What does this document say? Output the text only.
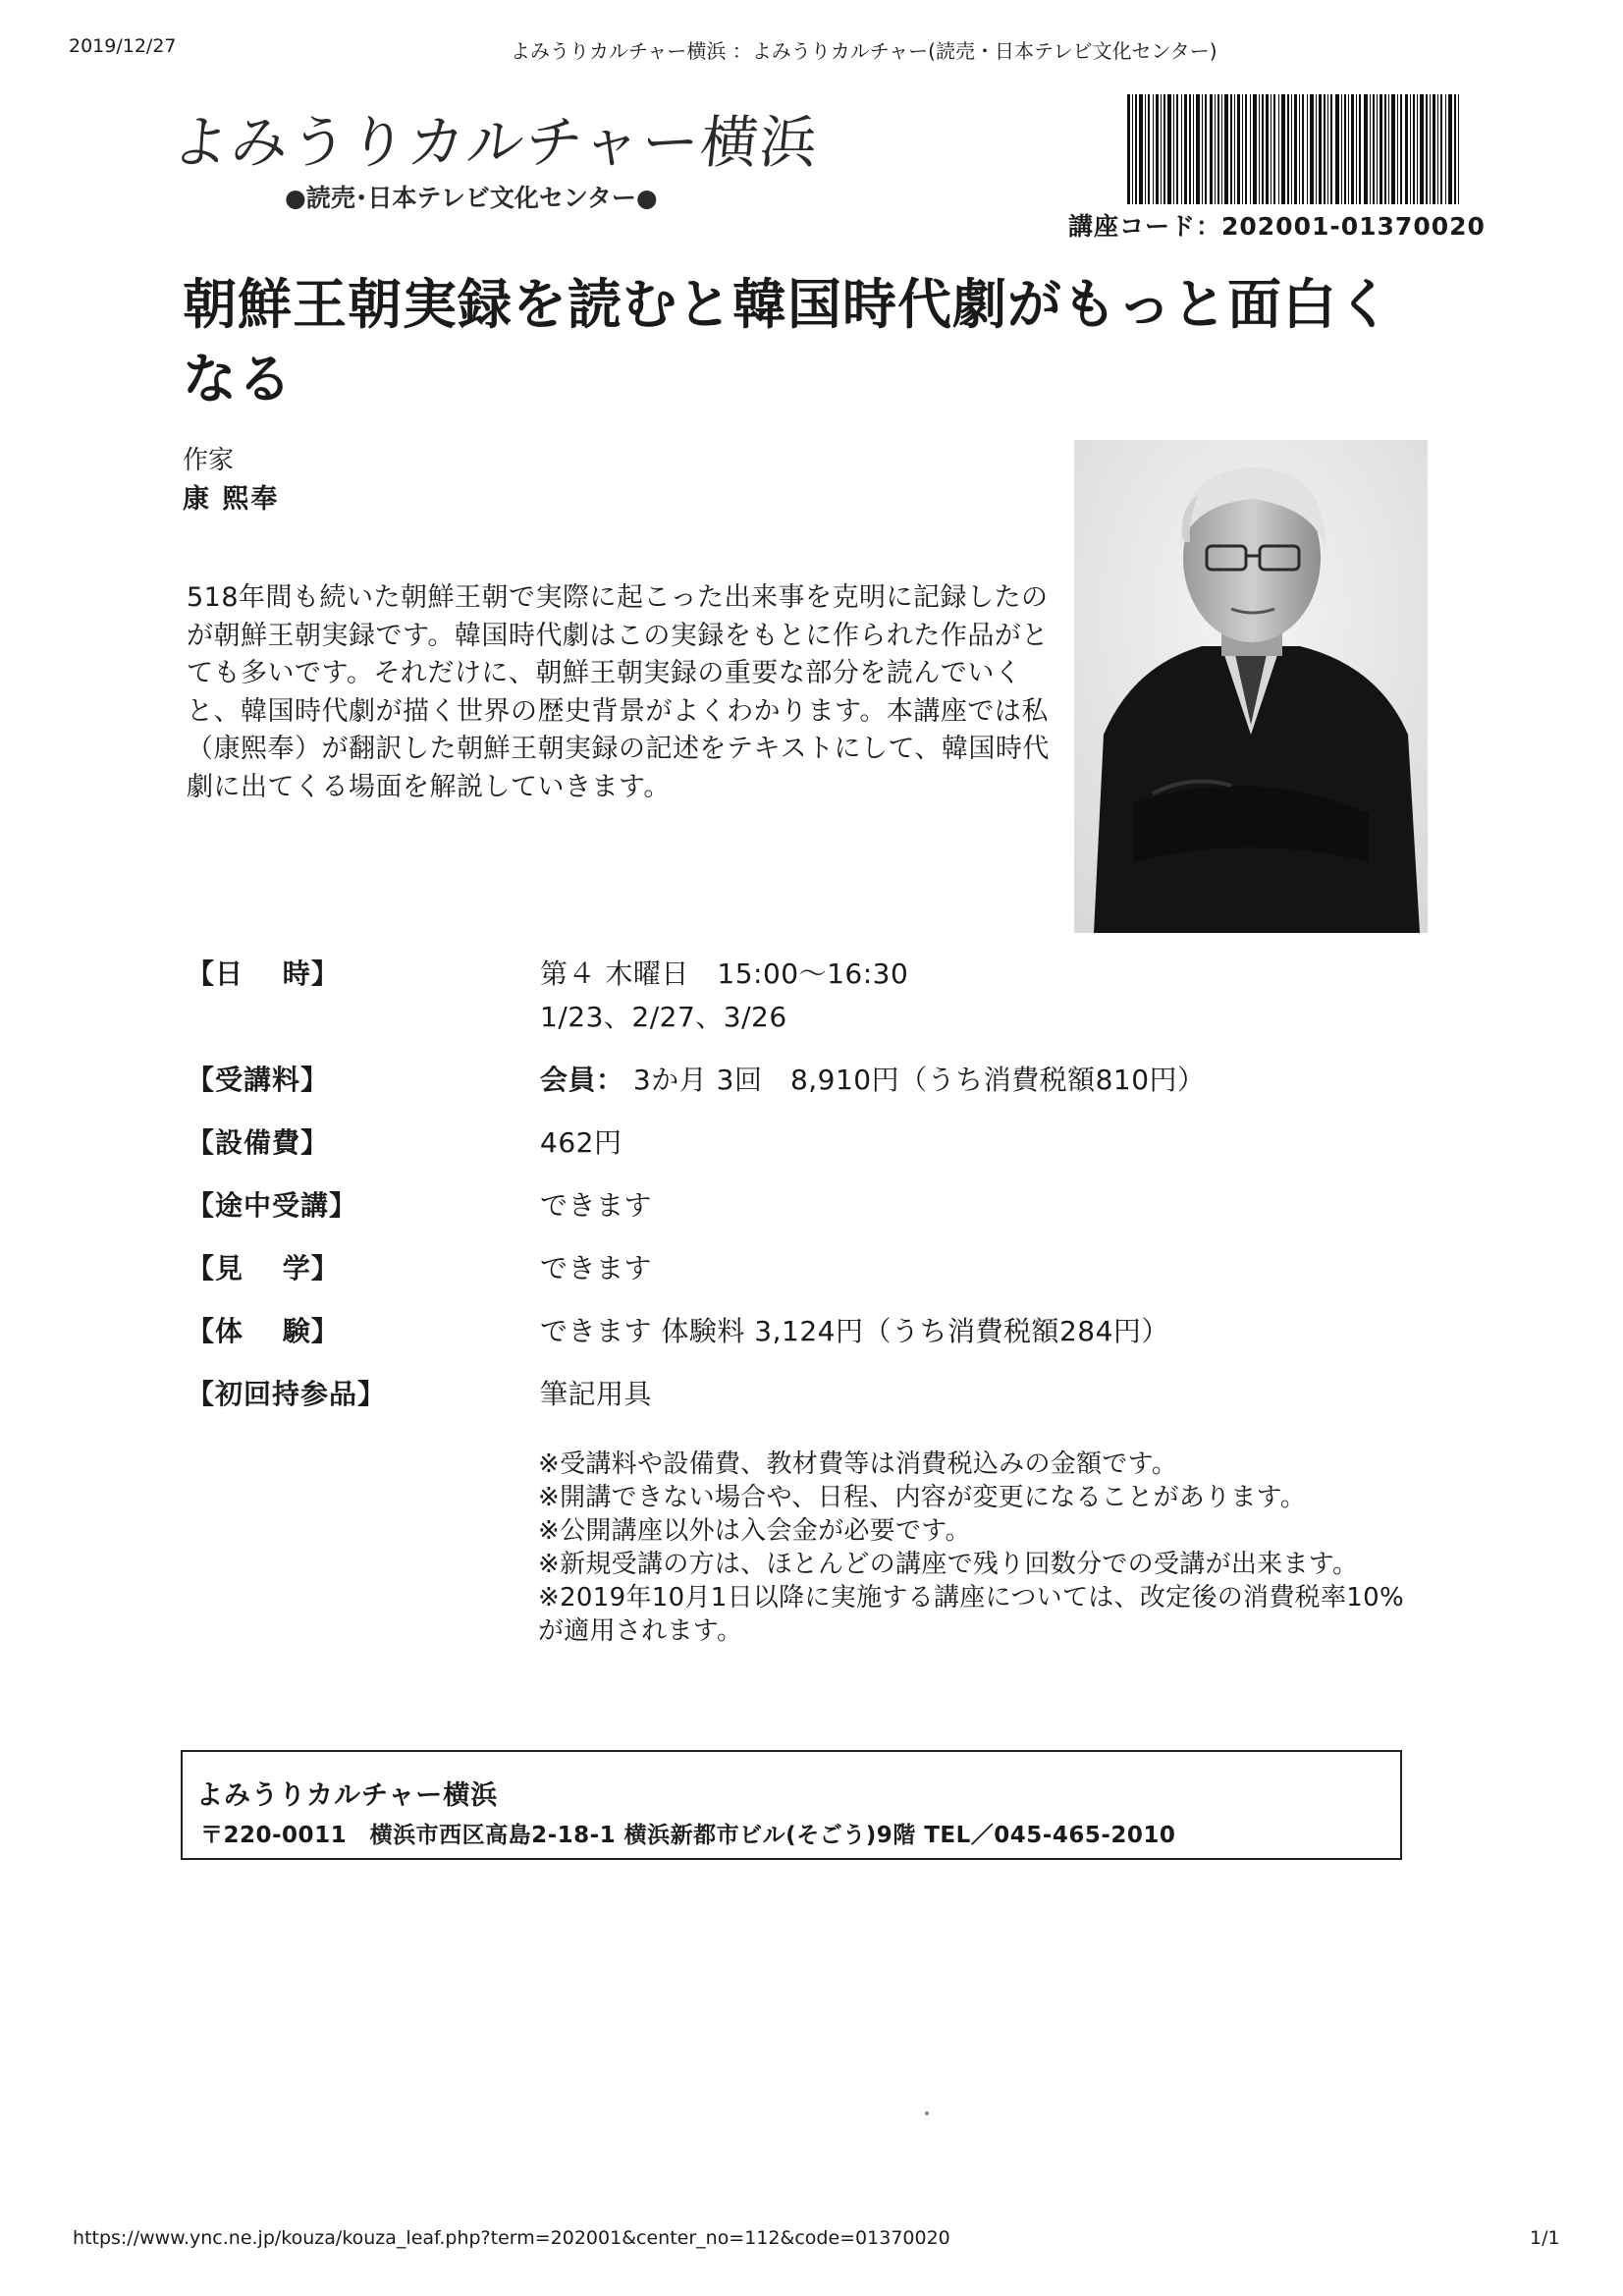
2019/12/27	よみうりカルチャー横浜 ：よみうりカルチャー(読売・日本テレビ文化センター)
よみうりカルチャー横浜
●読売･日本テレビ文化センター●
講座コード：202001-01370020
朝鮮王朝実録を読むと韓国時代劇がもっと面白くなる
作家
康 熙奉
518年間も続いた朝鮮王朝で実際に起こった出来事を克明に記録したのが朝鮮王朝実録です。韓国時代劇はこの実録をもとに作られた作品がとても多いです。それだけに、朝鮮王朝実録の重要な部分を読んでいくと、韓国時代劇が描く世界の歴史背景がよくわかります。本講座では私（康熙奉）が翻訳した朝鮮王朝実録の記述をテキストにして、韓国時代劇に出てくる場面を解説していきます。
【日　 時】	第４ 木曜日　15:00～16:30
1/23、2/27、3/26
【受講料】	会員： 3か月 3回　8,910円（うち消費税額810円）
【設備費】	462円
【途中受講】	できます
【見　 学】	できます
【体　 験】	できます 体験料 3,124円（うち消費税額284円）
【初回持参品】	筆記用具
※受講料や設備費、教材費等は消費税込みの金額です。
※開講できない場合や、日程、内容が変更になることがあります。
※公開講座以外は入会金が必要です。
※新規受講の方は、ほとんどの講座で残り回数分での受講が出来ます。
※2019年10月1日以降に実施する講座については、改定後の消費税率10%が適用されます。
よみうりカルチャー横浜
〒220-0011　横浜市西区高島2-18-1 横浜新都市ビル(そごう)9階 TEL／045-465-2010
https://www.ync.ne.jp/kouza/kouza_leaf.php?term=202001&center_no=112&code=01370020	1/1
